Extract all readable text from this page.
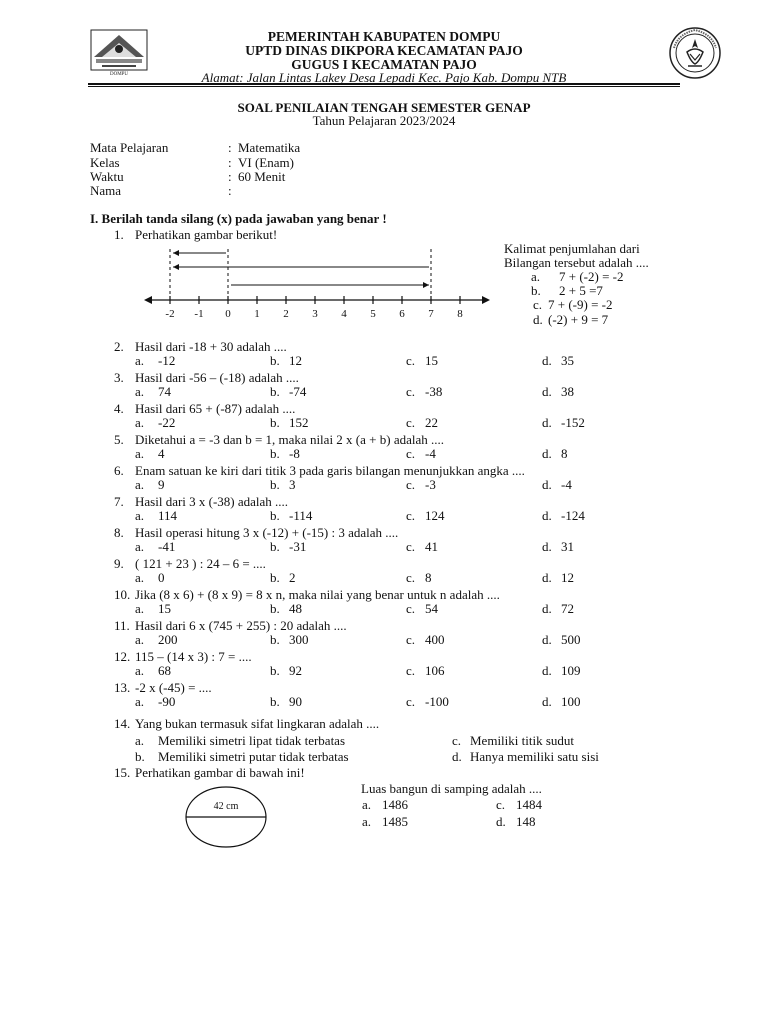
DOMPU
PEMERINTAH KABUPATEN DOMPU
UPTD DINAS DIKPORA KECAMATAN PAJO
GUGUS I KECAMATAN PAJO
Alamat: Jalan Lintas Lakey Desa Lepadi Kec. Pajo Kab. Dompu NTB
SOAL PENILAIAN TENGAH SEMESTER GENAP
Tahun Pelajaran 2023/2024
Mata Pelajaran	: Matematika
Kelas	: VI (Enam)
Waktu	: 60 Menit
Nama	:
I. Berilah tanda silang (x) pada jawaban yang benar !
1. Perhatikan gambar berikut!
-2 -1 0 1 2 3 4 5 6 7 8
Kalimat penjumlahan dari
Bilangan tersebut adalah ....
a. 7 + (-2) = -2
b. 2 + 5 =7
c. 7 + (-9) = -2
d. (-2) + 9 = 7
2. Hasil dari -18 + 30 adalah ....
a. -12	b. 12	c. 15	d. 35
3. Hasil dari -56 – (-18) adalah ....
a. 74	b. -74	c. -38	d. 38
4. Hasil dari 65 + (-87) adalah ....
a. -22	b. 152	c. 22	d. -152
5. Diketahui a = -3 dan b = 1, maka nilai 2 x (a + b) adalah ....
a. 4	b. -8	c. -4	d. 8
6. Enam satuan ke kiri dari titik 3 pada garis bilangan menunjukkan angka ....
a. 9	b. 3	c. -3	d. -4
7. Hasil dari 3 x (-38) adalah ....
a. 114	b. -114	c. 124	d. -124
8. Hasil operasi hitung 3 x (-12) + (-15) : 3 adalah ....
a. -41	b. -31	c. 41	d. 31
9. ( 121 + 23 ) : 24 – 6 = ....
a. 0	b. 2	c. 8	d. 12
10. Jika (8 x 6) + (8 x 9) = 8 x n, maka nilai yang benar untuk n adalah ....
a. 15	b. 48	c. 54	d. 72
11. Hasil dari 6 x (745 + 255) : 20 adalah ....
a. 200	b. 300	c. 400	d. 500
12. 115 – (14 x 3) : 7 = ....
a. 68	b. 92	c. 106	d. 109
13. -2 x (-45) = ....
a. -90	b. 90	c. -100	d. 100
14. Yang bukan termasuk sifat lingkaran adalah ....
a. Memiliki simetri lipat tidak terbatas	c. Memiliki titik sudut
b. Memiliki simetri putar tidak terbatas	d. Hanya memiliki satu sisi
15. Perhatikan gambar di bawah ini!
42 cm
Luas bangun di samping adalah ....
a. 1486	c. 1484
a. 1485	d. 148
